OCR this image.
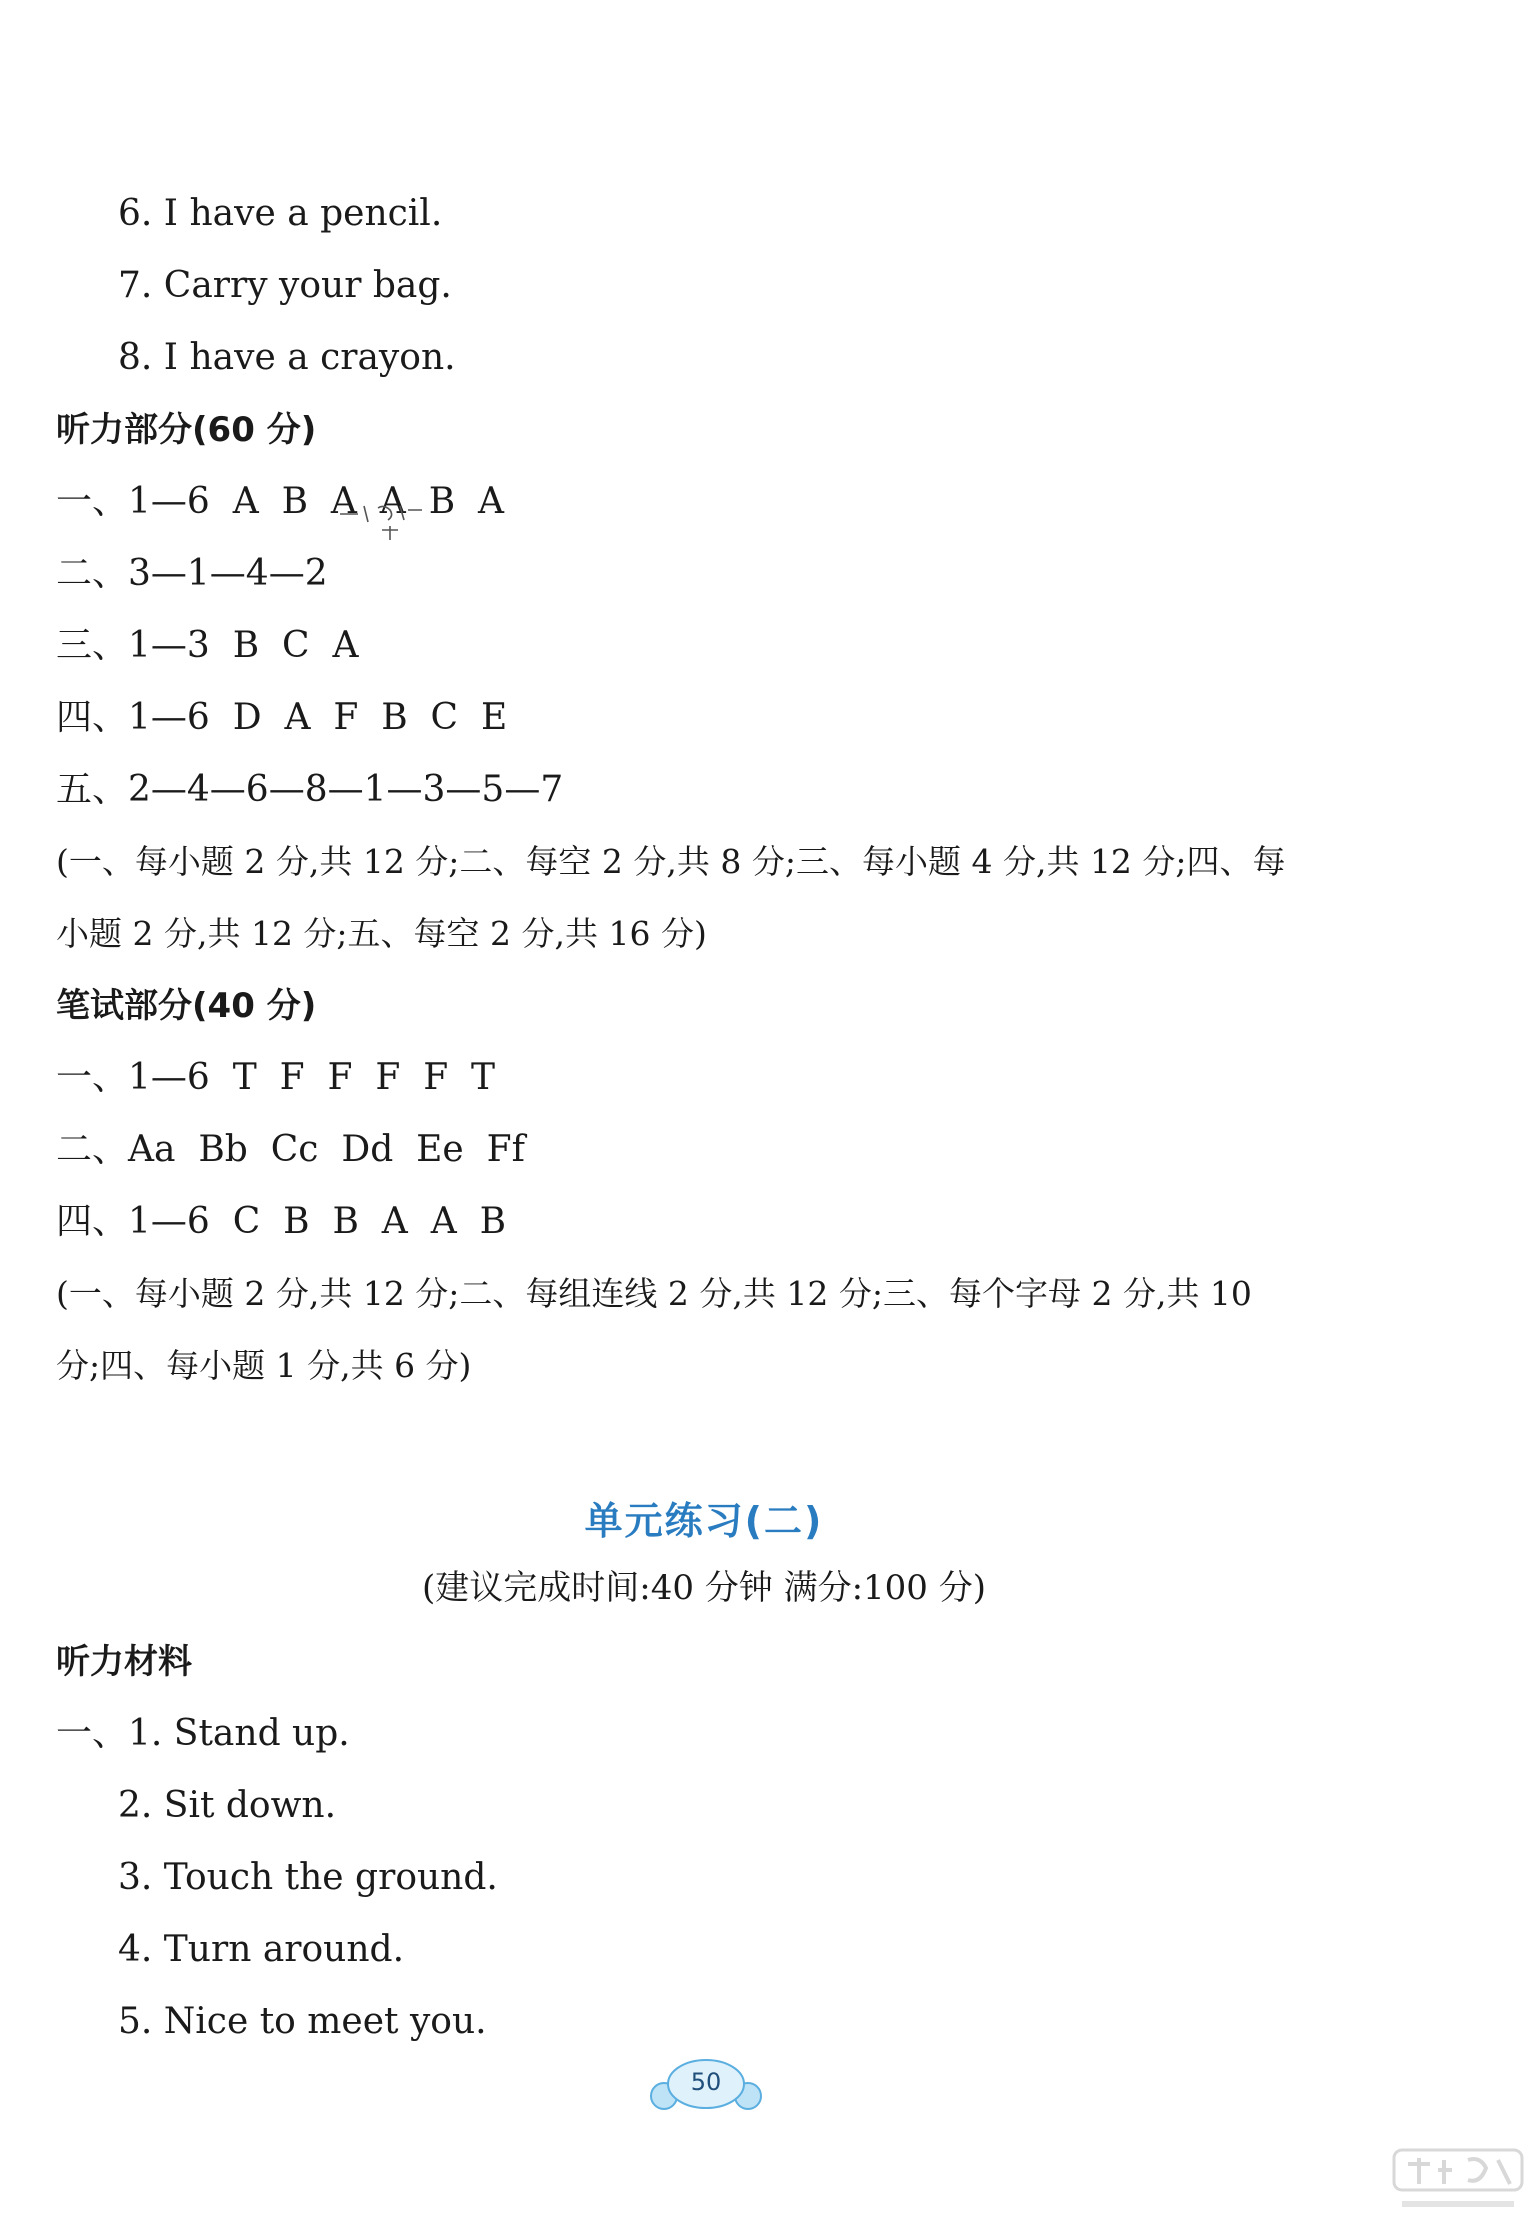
6. I have a pencil.
7. Carry your bag.
8. I have a crayon.
听力部分(60 分)
一、1—6  A  B  A  A  B  A
二、3—1—4—2
三、1—3  B  C  A
四、1—6  D  A  F  B  C  E
五、2—4—6—8—1—3—5—7
(一、每小题 2 分,共 12 分;二、每空 2 分,共 8 分;三、每小题 4 分,共 12 分;四、每
小题 2 分,共 12 分;五、每空 2 分,共 16 分)
笔试部分(40 分)
一、1—6  T  F  F  F  F  T
二、Aa  Bb  Cc  Dd  Ee  Ff
四、1—6  C  B  B  A  A  B
(一、每小题 2 分,共 12 分;二、每组连线 2 分,共 12 分;三、每个字母 2 分,共 10
分;四、每小题 1 分,共 6 分)
单元练习(二)
(建议完成时间:40 分钟 满分:100 分)
听力材料
一、1. Stand up.
2. Sit down.
3. Touch the ground.
4. Turn around.
5. Nice to meet you.
50
